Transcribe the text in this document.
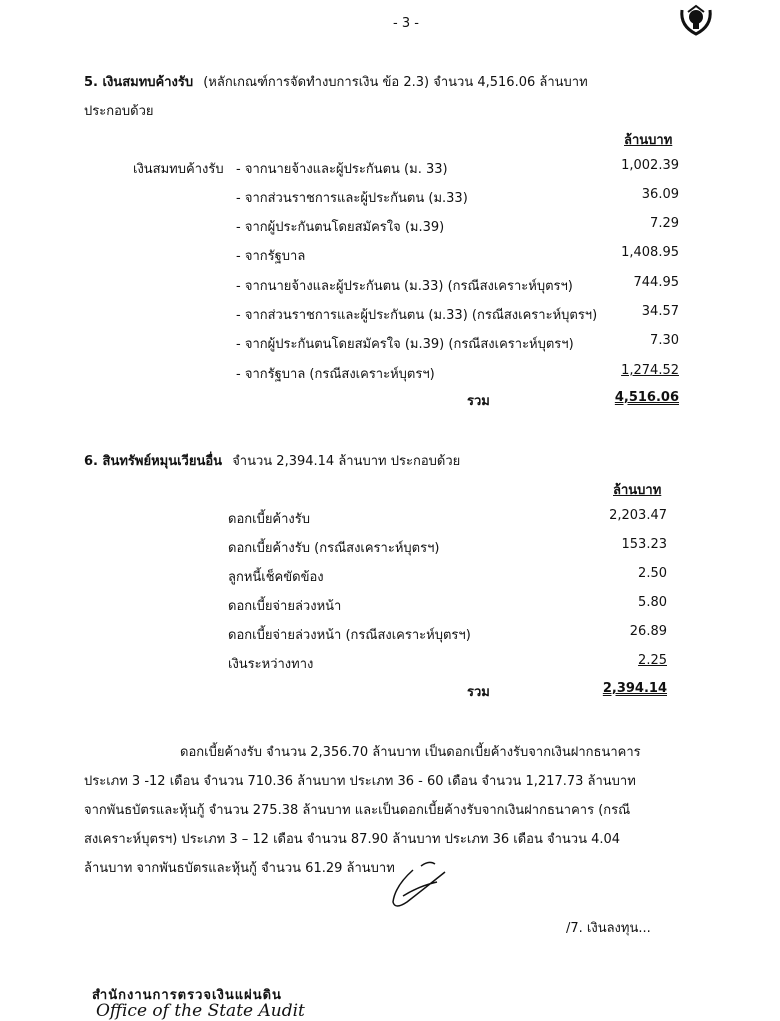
- 3 -
5. เงินสมทบค้างรับ (หลักเกณฑ์การจัดทำงบการเงิน ข้อ 2.3) จำนวน 4,516.06 ล้านบาท
ประกอบด้วย
ล้านบาท
เงินสมทบค้างรับ - จากนายจ้างและผู้ประกันตน (ม. 33)	1,002.39
- จากส่วนราชการและผู้ประกันตน (ม.33)	36.09
- จากผู้ประกันตนโดยสมัครใจ (ม.39)	7.29
- จากรัฐบาล	1,408.95
- จากนายจ้างและผู้ประกันตน (ม.33) (กรณีสงเคราะห์บุตรฯ)	744.95
- จากส่วนราชการและผู้ประกันตน (ม.33) (กรณีสงเคราะห์บุตรฯ)	34.57
- จากผู้ประกันตนโดยสมัครใจ (ม.39) (กรณีสงเคราะห์บุตรฯ)	7.30
- จากรัฐบาล (กรณีสงเคราะห์บุตรฯ)	1,274.52
รวม	4,516.06
6. สินทรัพย์หมุนเวียนอื่น จำนวน 2,394.14 ล้านบาท ประกอบด้วย
ล้านบาท
ดอกเบี้ยค้างรับ	2,203.47
ดอกเบี้ยค้างรับ (กรณีสงเคราะห์บุตรฯ)	153.23
ลูกหนี้เช็คขัดข้อง	2.50
ดอกเบี้ยจ่ายล่วงหน้า	5.80
ดอกเบี้ยจ่ายล่วงหน้า (กรณีสงเคราะห์บุตรฯ)	26.89
เงินระหว่างทาง	2.25
รวม	2,394.14
ดอกเบี้ยค้างรับ จำนวน 2,356.70 ล้านบาท เป็นดอกเบี้ยค้างรับจากเงินฝากธนาคาร
ประเภท 3 -12 เดือน จำนวน 710.36 ล้านบาท ประเภท 36 - 60 เดือน จำนวน 1,217.73 ล้านบาท
จากพันธบัตรและหุ้นกู้ จำนวน 275.38 ล้านบาท และเป็นดอกเบี้ยค้างรับจากเงินฝากธนาคาร (กรณี
สงเคราะห์บุตรฯ) ประเภท 3 – 12 เดือน จำนวน 87.90 ล้านบาท ประเภท 36 เดือน จำนวน 4.04
ล้านบาท จากพันธบัตรและหุ้นกู้ จำนวน 61.29 ล้านบาท
/7. เงินลงทุน...
สำนักงานการตรวจเงินแผ่นดิน
Office of the State Audit
